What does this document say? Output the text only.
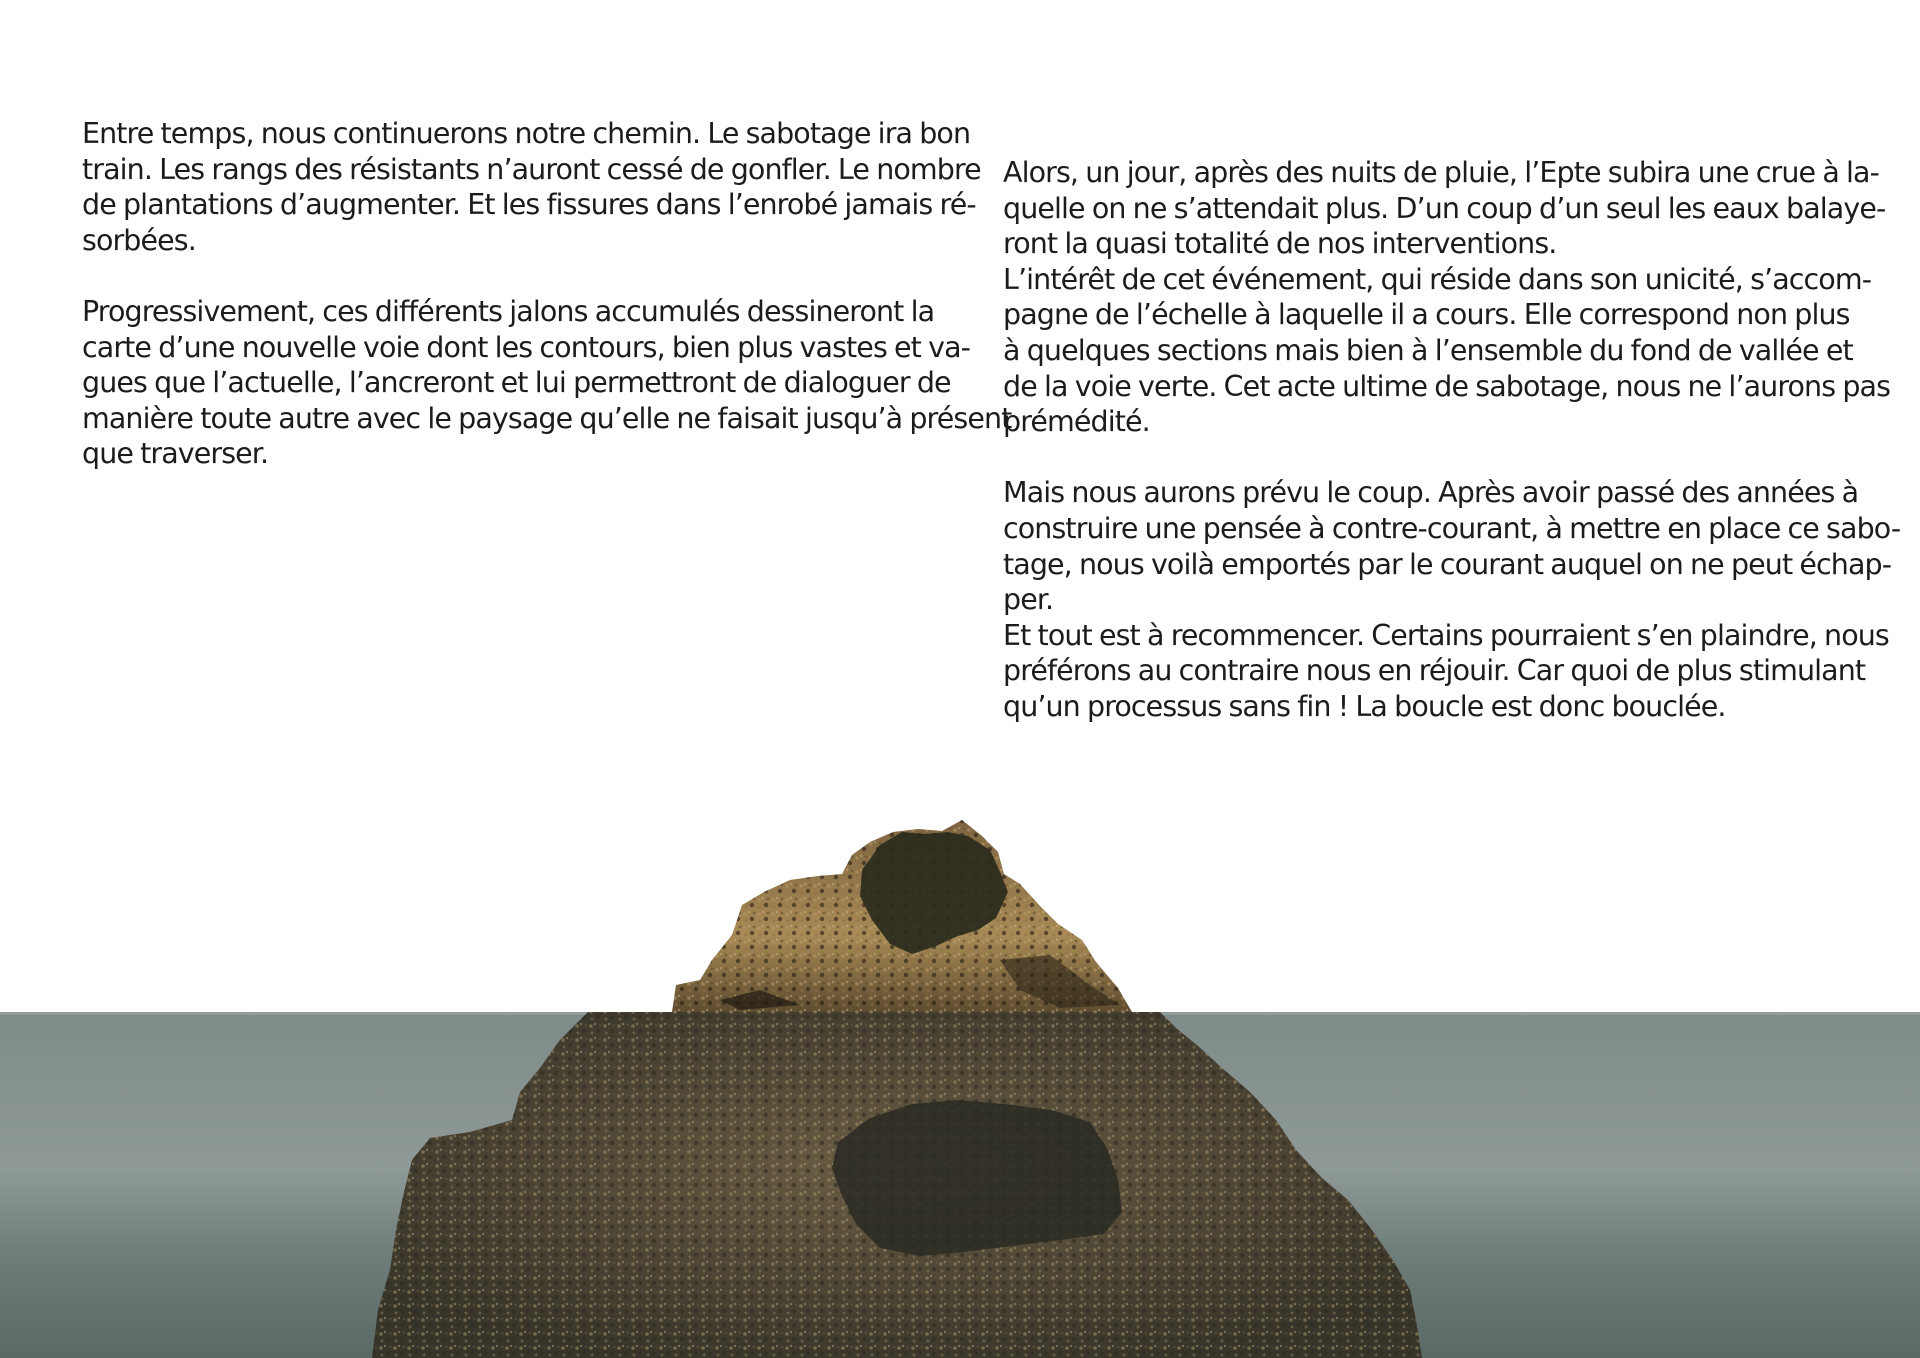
Entre temps, nous continuerons notre chemin. Le sabotage ira bon
train. Les rangs des résistants n’auront cessé de gonfler. Le nombre
de plantations d’augmenter. Et les fissures dans l’enrobé jamais ré-
sorbées.

Progressivement, ces différents jalons accumulés dessineront la
carte d’une nouvelle voie dont les contours, bien plus vastes et va-
gues que l’actuelle, l’ancreront et lui permettront de dialoguer de
manière toute autre avec le paysage qu’elle ne faisait jusqu’à présent
que traverser.

Alors, un jour, après des nuits de pluie, l’Epte subira une crue à la-
quelle on ne s’attendait plus. D’un coup d’un seul les eaux balaye-
ront la quasi totalité de nos interventions.

L’intérêt de cet événement, qui réside dans son unicité, s’accom-
pagne de l’échelle à laquelle il a cours. Elle correspond non plus
à quelques sections mais bien à l’ensemble du fond de vallée et
de la voie verte. Cet acte ultime de sabotage, nous ne l’aurons pas
prémédité.

Mais nous aurons prévu le coup. Après avoir passé des années à
construire une pensée à contre-courant, à mettre en place ce sabo-
tage, nous voilà emportés par le courant auquel on ne peut échap-
per.

Et tout est à recommencer. Certains pourraient s’en plaindre, nous
préférons au contraire nous en réjouir. Car quoi de plus stimulant
qu’un processus sans fin ! La boucle est donc bouclée.
